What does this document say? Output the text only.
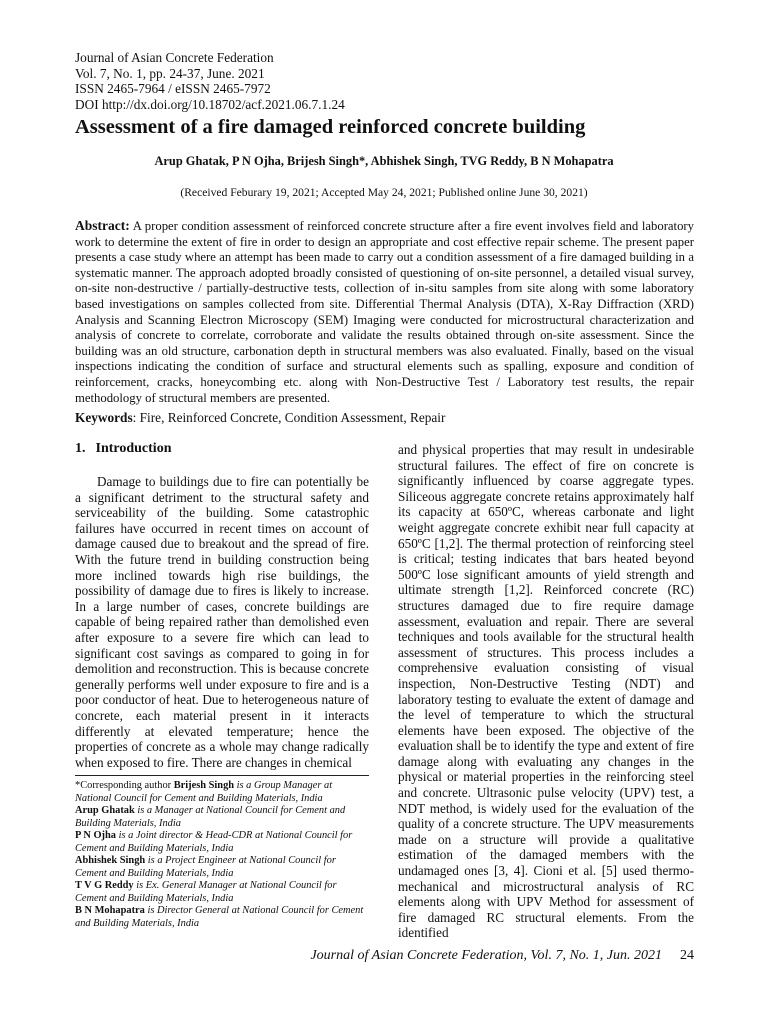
Journal of Asian Concrete Federation
Vol. 7, No. 1, pp. 24-37, June. 2021
ISSN 2465-7964 / eISSN 2465-7972
DOI http://dx.doi.org/10.18702/acf.2021.06.7.1.24
Assessment of a fire damaged reinforced concrete building
Arup Ghatak, P N Ojha, Brijesh Singh*, Abhishek Singh, TVG Reddy, B N Mohapatra
(Received Feburary 19, 2021; Accepted May 24, 2021; Published online June 30, 2021)

Abstract: A proper condition assessment of reinforced concrete structure after a fire event involves field and laboratory work to determine the extent of fire in order to design an appropriate and cost effective repair scheme. The present paper presents a case study where an attempt has been made to carry out a condition assessment of a fire damaged building in a systematic manner. The approach adopted broadly consisted of questioning of on-site personnel, a detailed visual survey, on-site non-destructive / partially-destructive tests, collection of in-situ samples from site along with some laboratory based investigations on samples collected from site. Differential Thermal Analysis (DTA), X-Ray Diffraction (XRD) Analysis and Scanning Electron Microscopy (SEM) Imaging were conducted for microstructural characterization and analysis of concrete to correlate, corroborate and validate the results obtained through on-site assessment. Since the building was an old structure, carbonation depth in structural members was also evaluated. Finally, based on the visual inspections indicating the condition of surface and structural elements such as spalling, exposure and condition of reinforcement, cracks, honeycombing etc. along with Non-Destructive Test / Laboratory test results, the repair methodology of structural members are presented.

Keywords: Fire, Reinforced Concrete, Condition Assessment, Repair
1. Introduction

Damage to buildings due to fire can potentially be a significant detriment to the structural safety and serviceability of the building. Some catastrophic failures have occurred in recent times on account of damage caused due to breakout and the spread of fire. With the future trend in building construction being more inclined towards high rise buildings, the possibility of damage due to fires is likely to increase. In a large number of cases, concrete buildings are capable of being repaired rather than demolished even after exposure to a severe fire which can lead to significant cost savings as compared to going in for demolition and reconstruction. This is because concrete generally performs well under exposure to fire and is a poor conductor of heat. Due to heterogeneous nature of concrete, each material present in it interacts differently at elevated temperature; hence the properties of concrete as a whole may change radically when exposed to fire. There are changes in chemical

and physical properties that may result in undesirable structural failures. The effect of fire on concrete is significantly influenced by coarse aggregate types. Siliceous aggregate concrete retains approximately half its capacity at 650ºC, whereas carbonate and light weight aggregate concrete exhibit near full capacity at 650ºC [1,2]. The thermal protection of reinforcing steel is critical; testing indicates that bars heated beyond 500ºC lose significant amounts of yield strength and ultimate strength [1,2]. Reinforced concrete (RC) structures damaged due to fire require damage assessment, evaluation and repair. There are several techniques and tools available for the structural health assessment of structures. This process includes a comprehensive evaluation consisting of visual inspection, Non-Destructive Testing (NDT) and laboratory testing to evaluate the extent of damage and the level of temperature to which the structural elements have been exposed. The objective of the evaluation shall be to identify the type and extent of fire damage along with evaluating any changes in the physical or material properties in the reinforcing steel and concrete. Ultrasonic pulse velocity (UPV) test, a NDT method, is widely used for the evaluation of the quality of a concrete structure. The UPV measurements made on a structure will provide a qualitative estimation of the damaged members with the undamaged ones [3, 4]. Cioni et al. [5] used thermo-mechanical and microstructural analysis of RC elements along with UPV Method for assessment of fire damaged RC structural elements. From the identified

*Corresponding author Brijesh Singh is a Group Manager at National Council for Cement and Building Materials, India

Arup Ghatak is a Manager at National Council for Cement and Building Materials, India

P N Ojha is a Joint director & Head-CDR at National Council for Cement and Building Materials, India

Abhishek Singh is a Project Engineer at National Council for Cement and Building Materials, India

T V G Reddy is Ex. General Manager at National Council for Cement and Building Materials, India

B N Mohapatra is Director General at National Council for Cement and Building Materials, India

Journal of Asian Concrete Federation, Vol. 7, No. 1, Jun. 2021 24
